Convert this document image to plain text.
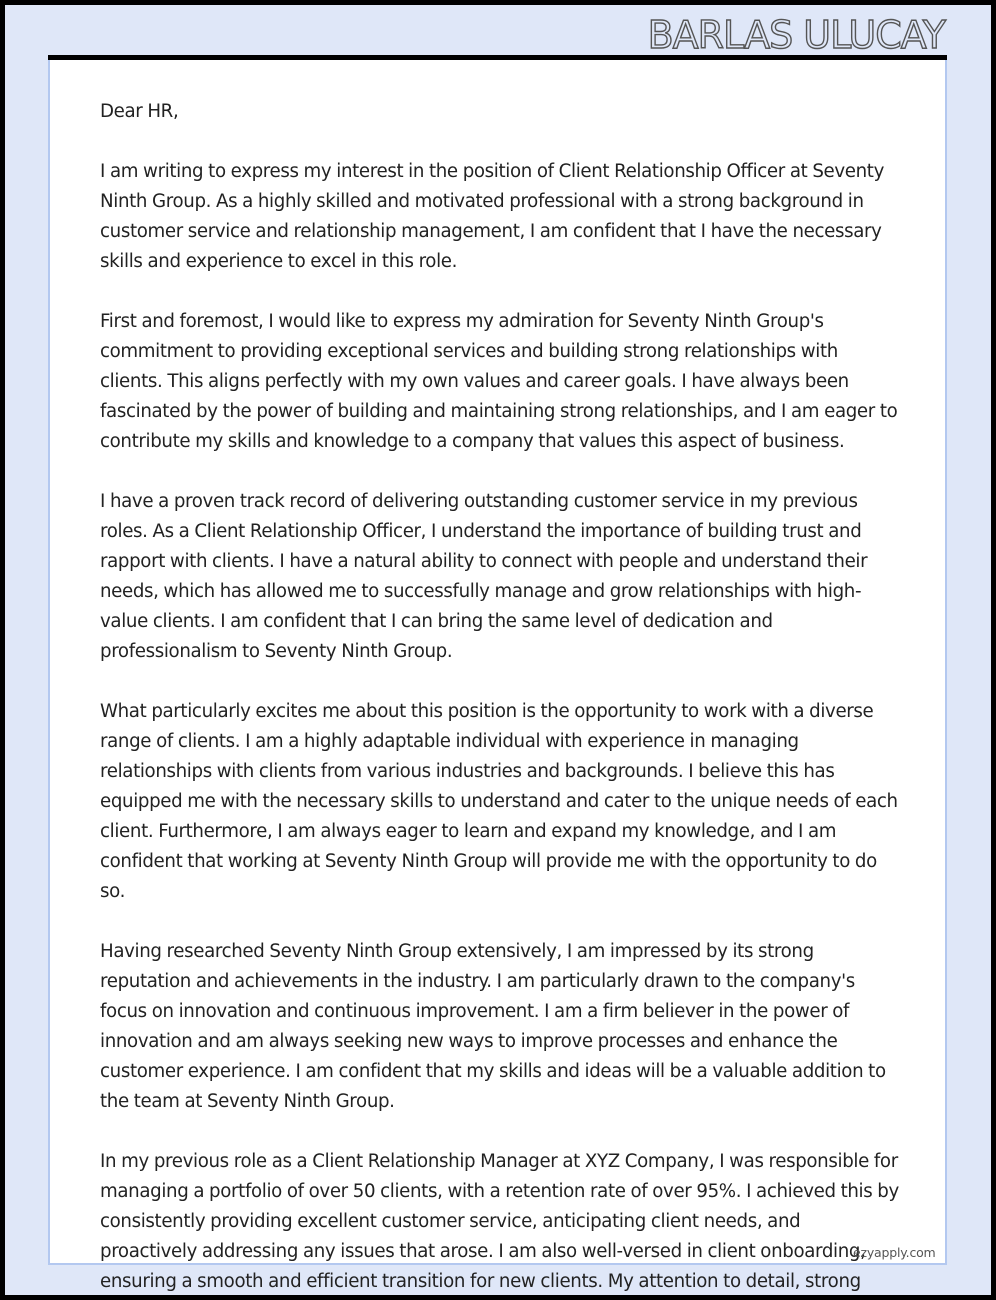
BARLAS ULUCAY

Dear HR,

I am writing to express my interest in the position of Client Relationship Officer at Seventy Ninth Group. As a highly skilled and motivated professional with a strong background in customer service and relationship management, I am confident that I have the necessary skills and experience to excel in this role.

First and foremost, I would like to express my admiration for Seventy Ninth Group's commitment to providing exceptional services and building strong relationships with clients. This aligns perfectly with my own values and career goals. I have always been fascinated by the power of building and maintaining strong relationships, and I am eager to contribute my skills and knowledge to a company that values this aspect of business.

I have a proven track record of delivering outstanding customer service in my previous roles. As a Client Relationship Officer, I understand the importance of building trust and rapport with clients. I have a natural ability to connect with people and understand their needs, which has allowed me to successfully manage and grow relationships with high-value clients. I am confident that I can bring the same level of dedication and professionalism to Seventy Ninth Group.

What particularly excites me about this position is the opportunity to work with a diverse range of clients. I am a highly adaptable individual with experience in managing relationships with clients from various industries and backgrounds. I believe this has equipped me with the necessary skills to understand and cater to the unique needs of each client. Furthermore, I am always eager to learn and expand my knowledge, and I am confident that working at Seventy Ninth Group will provide me with the opportunity to do so.

Having researched Seventy Ninth Group extensively, I am impressed by its strong reputation and achievements in the industry. I am particularly drawn to the company's focus on innovation and continuous improvement. I am a firm believer in the power of innovation and am always seeking new ways to improve processes and enhance the customer experience. I am confident that my skills and ideas will be a valuable addition to the team at Seventy Ninth Group.

In my previous role as a Client Relationship Manager at XYZ Company, I was responsible for managing a portfolio of over 50 clients, with a retention rate of over 95%. I achieved this by consistently providing excellent customer service, anticipating client needs, and proactively addressing any issues that arose. I am also well-versed in client onboarding, ensuring a smooth and efficient transition for new clients. My attention to detail, strong

ezyapply.com
